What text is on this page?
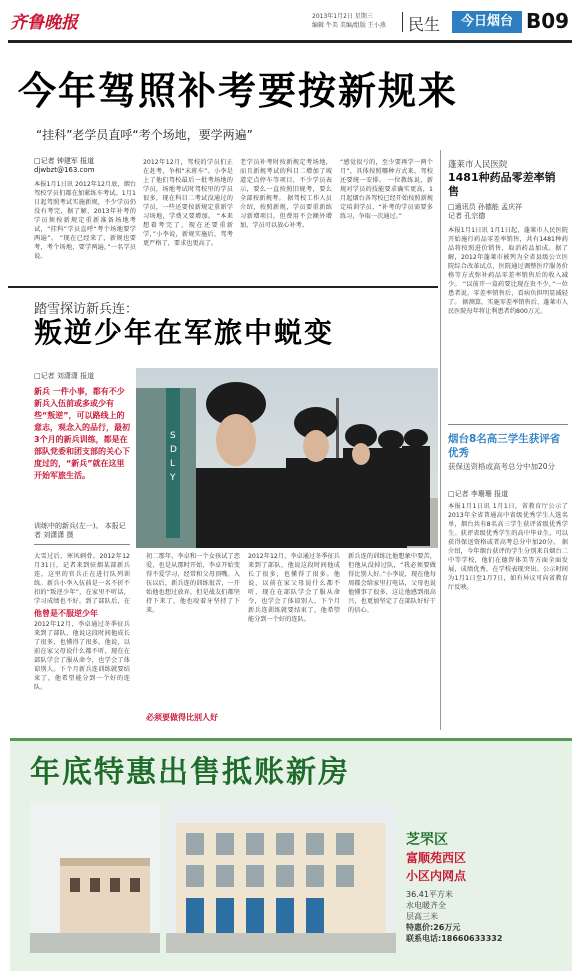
齐鲁晚报	2013年1月2日 星期三
编辑 牛美 美编/组版 王小燕	民生	今日烟台 B09
今年驾照补考要按新规来
“挂科”老学员直呼“考个场地，要学两遍”
□记者 钟建军 报道
djwbzt@163.com
本报1月1日讯 2012年12月底，烟台驾校学员们都在加紧练车考试。1月1日起驾照考试实施新规，不少学员仍没有考完，据了解，2013年补考的学员须按新规定重新准备场地考试，“挂科”学员直呼“考个场地要学两遍”。 “现在已经来了，新规也要考，考个场地，要学两遍，”一名学员说。
2012年12月，驾校的学员们正在赶考，争相“末班车”。小李是上了他们驾校最后一批考场地的学员，场地考试时驾校里的学员很多，现在科目二考试没通过的学员，一些还要按新规定重新学习场地，学费又要增加。 “本来想着考完了，现在还要重新学，”小李说，新规实施后，驾考更严格了，要求也更高了。
老学员补考时按新规定考场地，而且新规考试的科目二增加了坡道定点停车等项目，不少学员表示，要么一直按照旧规考，要么全部按新规考。 据驾校工作人员介绍，按照新规，学员要重新练习新增项目，但费用不会额外增加，学员可以放心补考。
“感觉很亏的，至少要再学一两个月”，具体按照哪种方式来，驾校还要统一安排。 一位教练说，新规对学员的技能要求确实更高，1月起烟台各驾校已经开始按照新规定培训学员，“补考的学员需要多练习，争取一次通过。”
蓬莱市人民医院
1481种药品零差率销售
□通讯员 孙德能 孟庆祥
记者 孔宗德
本报1月1日讯 1月1日起，蓬莱市人民医院开始施行药品零差率销售，共有1481种药品将按照进价销售，取消药品加成。据了解，2012年蓬莱市被列为全省县级公立医院综合改革试点，医院通过调整医疗服务价格等方式弥补药品零差率销售后的收入减少。 “以前开一盒药要比现在贵不少，”一位患者说，零差率销售后，看病负担明显减轻了。 据测算，实施零差率销售后，蓬莱市人民医院每年将让利患者约800万元。
踏雪探访新兵连：
叛逆少年在军旅中蜕变
□记者 刘潇潇 报道
新兵 一件小事，都有不少新兵入伍前或多或少有些“叛逆”，可以路线上的意志，观念入的品行，最初3个月的新兵训练，都是在部队党委和团支部的关心下度过的，“新兵”就在这里开始军旅生活。
训练中的新兵(左一)。 本报记者 刘潇潇 摄
S
D
L
Y
他曾是不服逆少年
大雪过后，寒风刺骨。2012年12月31日，记者来到驻烟某部新兵连，这里的官兵正在进行队列训练。新兵小李入伍前是一名不折不扣的“叛逆少年”，在家里不听话，学习成绩也不好。到了部队后，在
2012年12月，李卓通过冬季征兵来到了部队，他说这段时间他成长了很多，也懂得了很多。他说，以前在家父母说什么都不听，现在在部队学会了服从命令，也学会了体谅别人。下个月新兵连训练就要结束了，他希望能分到一个好的连队。
初二那年，李卓和一个女孩试了恋爱，也是从那时开始，李卓开始变得不爱学习，经常和父母顶嘴。入伍以后，新兵连的训练很苦，一开始他也想过放弃，但是战友们都坚持下来了，他也咬着牙坚持了下来。
必须要做得比别人好
2012年12月，李卓通过冬季征兵来到了部队，他说这段时间他成长了很多，也懂得了很多。他说，以前在家父母说什么都不听，现在在部队学会了服从命令，也学会了体谅别人。下个月新兵连训练就要结束了，他希望能分到一个好的连队。
新兵连的训练比他想象中要苦，但他从没掉过队，“我必须要做得比别人好。”小李说，现在他每周都会给家里打电话，父母也说他懂事了很多，这让他感到很高兴，也更加坚定了在部队好好干的信心。
烟台8名高三学生获评省优秀
获保送资格或高考总分中加20分
□记者 李珊珊 报道
本报1月1日讯 1月1日，省教育厅公示了2013年全省普通高中省级优秀学生人选名单，烟台共有8名高三学生获评省级优秀学生。获评省级优秀学生的高中毕业生，可以获得保送资格或者高考总分中加20分。 据介绍，今年烟台获评的学生分别来自烟台二中等学校，他们在德智体美等方面全面发展，成绩优秀，在学校表现突出。公示时间为1月1日至1月7日，如有异议可向省教育厅反映。
年底特惠出售抵账新房
芝罘区
富顺苑西区
小区内网点
36.41平方米
水电暖齐全
层高三米
特惠价:26万元
联系电话:18660633332
